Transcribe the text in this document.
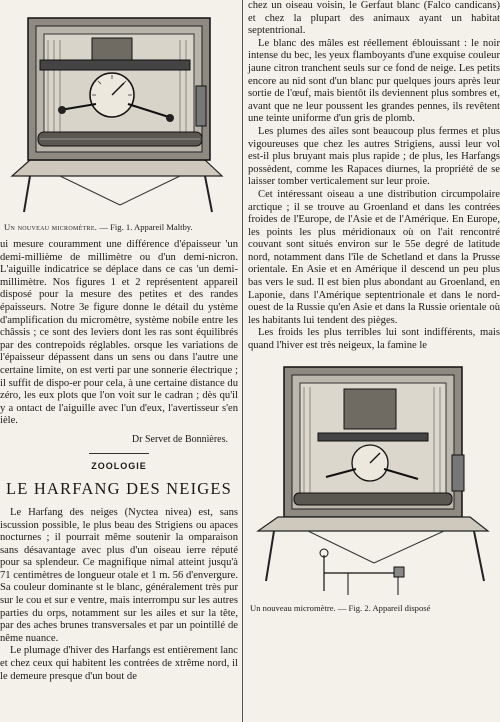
Un nouveau micromètre. — Fig. 1. Appareil Maltby.

ui mesure couramment une différence d'épaisseur 'un demi-millième de millimètre ou d'un demi-nicron. L'aiguille indicatrice se déplace dans ce cas 'un demi-millimètre. Nos figures 1 et 2 représentent appareil disposé pour la mesure des petites et des randes épaisseurs. Notre 3e figure donne le détail du ystème d'amplification du micromètre, système nobile entre les châssis ; ce sont des leviers dont les ras sont équilibrés par des contrepoids réglables. orsque les variations de l'épaisseur dépassent dans un sens ou dans l'autre une certaine limite, on est verti par une sonnerie électrique ; il suffit de dispo-er pour cela, à une certaine distance du zéro, les eux plots que l'on voit sur le cadran ; dès qu'il y a ontact de l'aiguille avec l'un d'eux, l'avertisseur s'en ièle.

Dr Servet de Bonnières.
ZOOLOGIE
LE HARFANG DES NEIGES

Le Harfang des neiges (Nyctea nivea) est, sans iscussion possible, le plus beau des Strigiens ou apaces nocturnes ; il pourrait même soutenir la omparaison sans désavantage avec plus d'un oiseau ierre réputé pour sa splendeur. Ce magnifique nimal atteint jusqu'à 71 centimètres de longueur otale et 1 m. 56 d'envergure. Sa couleur dominante st le blanc, généralement très pur sur le cou et sur e ventre, mais interrompu sur les autres parties du orps, notamment sur les ailes et sur la tête, par des aches brunes transversales et par un pointillé de nême nuance.

Le plumage d'hiver des Harfangs est entièrement lanc et chez ceux qui habitent les contrées de xtrême nord, il le demeure presque d'un bout de

chez un oiseau voisin, le Gerfaut blanc (Falco candicans) et chez la plupart des animaux ayant un habitat septentrional.

Le blanc des mâles est réellement éblouissant : le noir intense du bec, les yeux flamboyants d'une exquise couleur jaune citron tranchent seuls sur ce fond de neige. Les petits encore au nid sont d'un blanc pur quelques jours après leur sortie de l'œuf, mais bientôt ils deviennent plus sombres et, avant que ne leur poussent les grandes pennes, ils revêtent une teinte uniforme d'un gris de plomb.

Les plumes des ailes sont beaucoup plus fermes et plus vigoureuses que chez les autres Strigiens, aussi leur vol est-il plus bruyant mais plus rapide ; de plus, les Harfangs possèdent, comme les Rapaces diurnes, la propriété de se laisser tomber verticalement sur leur proie.

Cet intéressant oiseau a une distribution circumpolaire arctique ; il se trouve au Groenland et dans les contrées froides de l'Europe, de l'Asie et de l'Amérique. En Europe, les points les plus méridionaux où on l'ait rencontré couvant sont situés environ sur le 55e degré de latitude nord, notamment dans l'île de Schetland et dans la Prusse orientale. En Asie et en Amérique il descend un peu plus bas vers le sud. Il est bien plus abondant au Groenland, en Laponie, dans l'Amérique septentrionale et dans le nord-ouest de la Russie qu'en Asie et dans la Russie orientale où les habitants lui tendent des pièges.

Les froids les plus terribles lui sont indifférents, mais quand l'hiver est très neigeux, la famine le

Un nouveau micromètre. — Fig. 2. Appareil disposé
